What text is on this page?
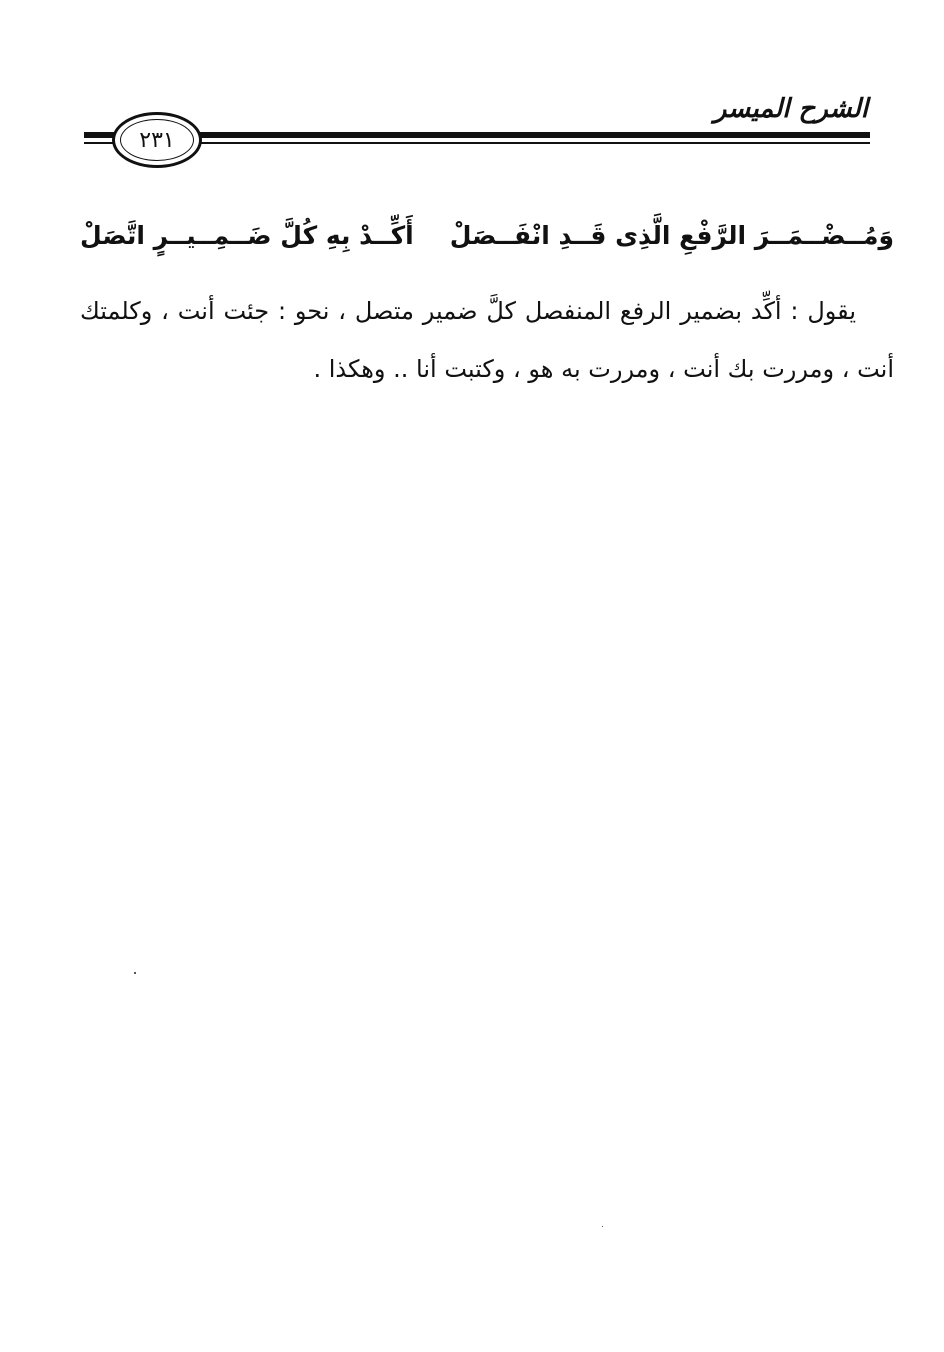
الشرح الميسر
٢٣١
وَمُــضْــمَــرَ الرَّفْعِ الَّذِى قَــدِ انْفَــصَلْ
أَكِّــدْ بِهِ كُلَّ ضَــمِــيــرٍ اتَّصَلْ

يقول : أكِّد بضمير الرفع المنفصل كلَّ ضمير متصل ، نحو : جئت أنت ، وكلمتك أنت ، ومررت بك أنت ، ومررت به هو ، وكتبت أنا .. وهكذا .
